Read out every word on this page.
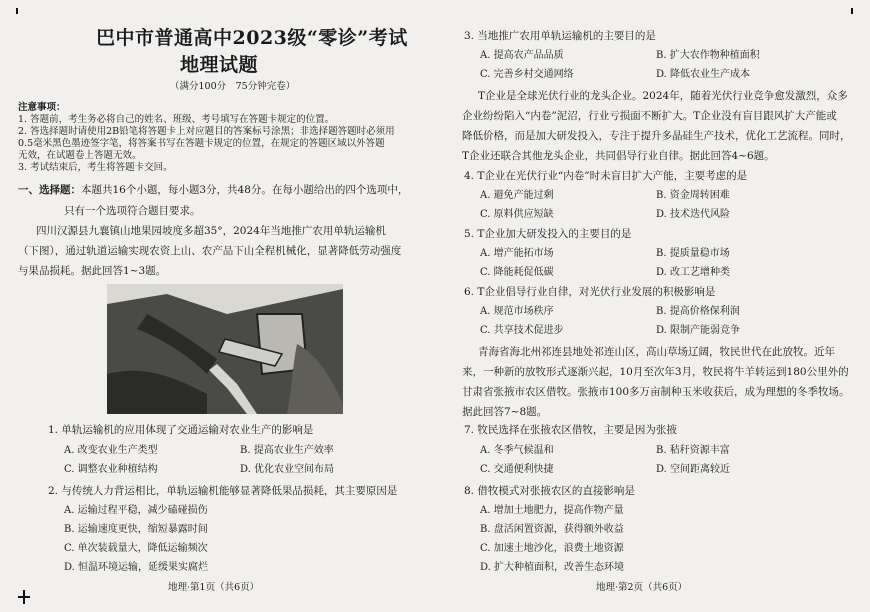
巴中市普通高中2023级“零诊”考试

地理试题

（满分100分　75分钟完卷）

注意事项：

1. 答题前，考生务必将自己的姓名、班级、考号填写在答题卡规定的位置。

2. 答选择题时请使用2B铅笔将答题卡上对应题目的答案标号涂黑；非选择题答题时必须用

0.5毫米黑色墨迹签字笔，将答案书写在答题卡规定的位置，在规定的答题区域以外答题

无效，在试题卷上答题无效。

3. 考试结束后，考生将答题卡交回。

一、选择题：本题共16个小题，每小题3分，共48分。在每小题给出的四个选项中，

只有一个选项符合题目要求。

四川汉源县九襄镇山地果园坡度多超35°，2024年当地推广农用单轨运输机

（下图），通过轨道运输实现农资上山、农产品下山全程机械化，显著降低劳动强度

与果品损耗。据此回答1~3题。

1. 单轨运输机的应用体现了交通运输对农业生产的影响是

A. 改变农业生产类型	B. 提高农业生产效率

C. 调整农业种植结构	D. 优化农业空间布局

2. 与传统人力背运相比，单轨运输机能够显著降低果品损耗，其主要原因是

A. 运输过程平稳，减少磕碰损伤

B. 运输速度更快，缩短暴露时间

C. 单次装载量大，降低运输频次

D. 恒温环境运输，延缓果实腐烂

地理·第1页（共6页）

3. 当地推广农用单轨运输机的主要目的是

A. 提高农产品品质	B. 扩大农作物种植面积

C. 完善乡村交通网络	D. 降低农业生产成本

T企业是全球光伏行业的龙头企业。2024年，随着光伏行业竞争愈发激烈，众多

企业纷纷陷入“内卷”泥沼，行业亏损面不断扩大。T企业没有盲目跟风扩大产能或

降低价格，而是加大研发投入，专注于提升多晶硅生产技术，优化工艺流程。同时，

T企业还联合其他龙头企业，共同倡导行业自律。据此回答4~6题。

4. T企业在光伏行业“内卷”时未盲目扩大产能，主要考虑的是

A. 避免产能过剩	B. 资金周转困难

C. 原料供应短缺	D. 技术迭代风险

5. T企业加大研发投入的主要目的是

A. 增产能拓市场	B. 提质量稳市场

C. 降能耗促低碳	D. 改工艺增种类

6. T企业倡导行业自律，对光伏行业发展的积极影响是

A. 规范市场秩序	B. 提高价格保利润

C. 共享技术促进步	D. 限制产能弱竞争

青海省海北州祁连县地处祁连山区，高山草场辽阔，牧民世代在此放牧。近年

来，一种新的放牧形式逐渐兴起，10月至次年3月，牧民将牛羊转运到180公里外的

甘肃省张掖市农区借牧。张掖市100多万亩制种玉米收获后，成为理想的冬季牧场。

据此回答7~8题。

7. 牧民选择在张掖农区借牧，主要是因为张掖

A. 冬季气候温和	B. 秸秆资源丰富

C. 交通便利快捷	D. 空间距离较近

8. 借牧模式对张掖农区的直接影响是

A. 增加土地肥力，提高作物产量

B. 盘活闲置资源，获得额外收益

C. 加速土地沙化，浪费土地资源

D. 扩大种植面积，改善生态环境

地理·第2页（共6页）
